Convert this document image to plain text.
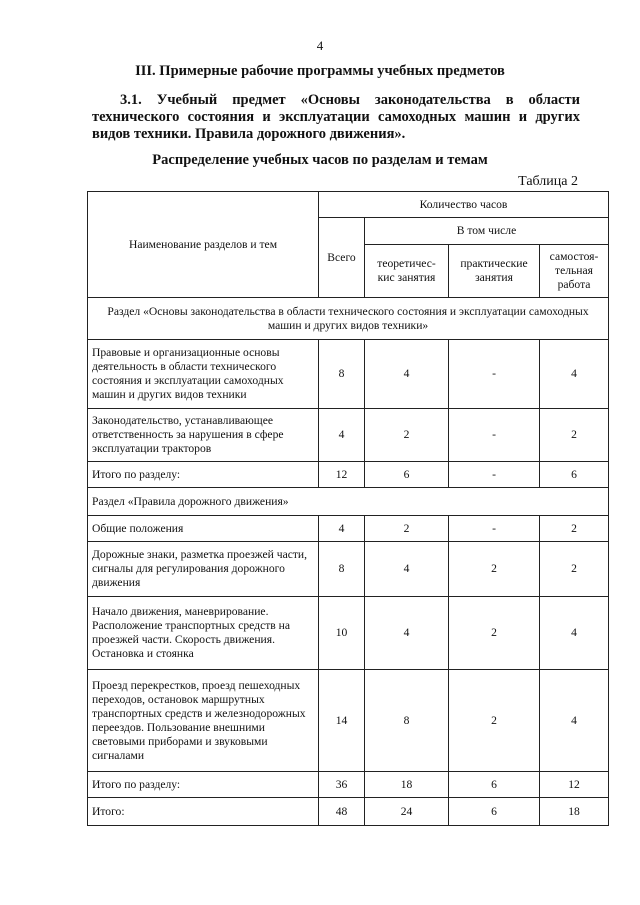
4
III. Примерные рабочие программы учебных предметов
3.1. Учебный предмет «Основы законодательства в области технического состояния и эксплуатации самоходных машин и других видов техники. Правила дорожного движения».
Распределение учебных часов по разделам и темам
Таблица 2
Наименование разделов и тем	Количество часов			
	Всего	В том числе		
		теоретичес-кис занятия	практические занятия	самостоя-тельная работа
Раздел «Основы законодательства в области технического состояния и эксплуатации самоходных машин и других видов техники»				
Правовые и организационные основы деятельность в области технического состояния и эксплуатации самоходных машин и других видов техники	8	4	-	4
Законодательство, устанавливающее ответственность за нарушения в сфере эксплуатации тракторов	4	2	-	2
Итого по разделу:	12	6	-	6
Раздел «Правила дорожного движения»				
Общие положения	4	2	-	2
Дорожные знаки, разметка проезжей части, сигналы для регулирования дорожного движения	8	4	2	2
Начало движения, маневрирование. Расположение транспортных средств на проезжей части. Скорость движения. Остановка и стоянка	10	4	2	4
Проезд перекрестков, проезд пешеходных переходов, остановок маршрутных транспортных средств и железнодорожных переездов. Пользование внешними световыми приборами и звуковыми сигналами	14	8	2	4
Итого по разделу:	36	18	6	12
Итого:	48	24	6	18
